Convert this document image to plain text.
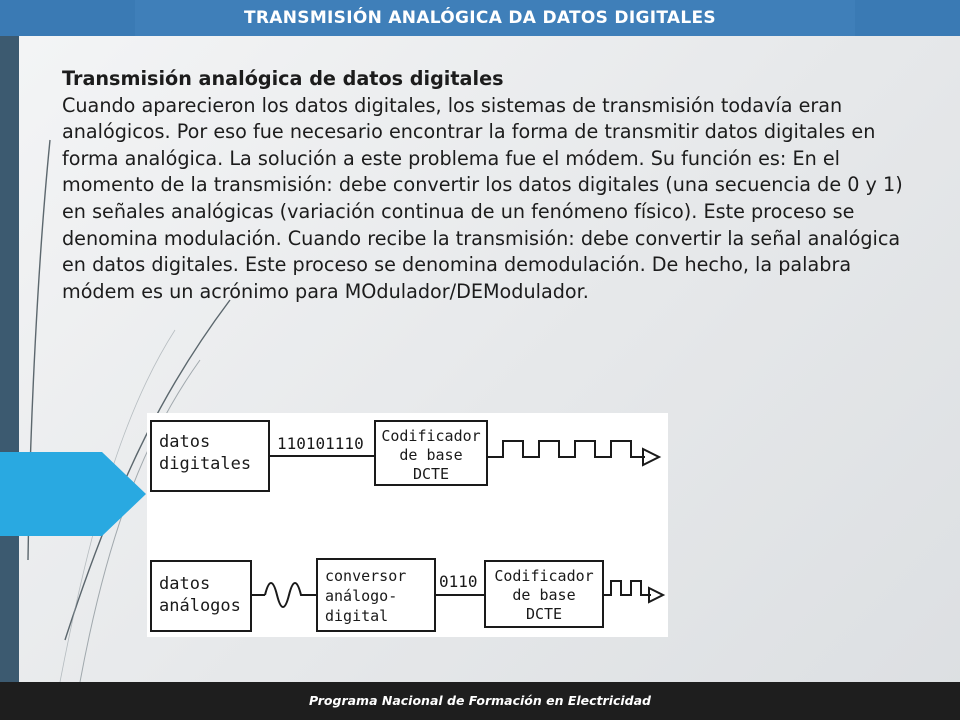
TRANSMISIÓN ANALÓGICA DA DATOS DIGITALES
Transmisión analógica de datos digitales
Cuando aparecieron los datos digitales, los sistemas de transmisión todavía eran analógicos. Por eso fue necesario encontrar la forma de transmitir datos digitales en forma analógica. La solución a este problema fue el módem. Su función es: En el momento de la transmisión: debe convertir los datos digitales (una secuencia de 0 y 1) en señales analógicas (variación continua de un fenómeno físico). Este proceso se denomina modulación. Cuando recibe la transmisión: debe convertir la señal analógica en datos digitales. Este proceso se denomina demodulación. De hecho, la palabra módem es un acrónimo para MOdulador/DEModulador.
datos
digitales
110101110 Codificador
de base
DCTE
datos
análogos
conversor
análogo-
digital
0110 Codificador
de base
DCTE
Programa Nacional de Formación en Electricidad
